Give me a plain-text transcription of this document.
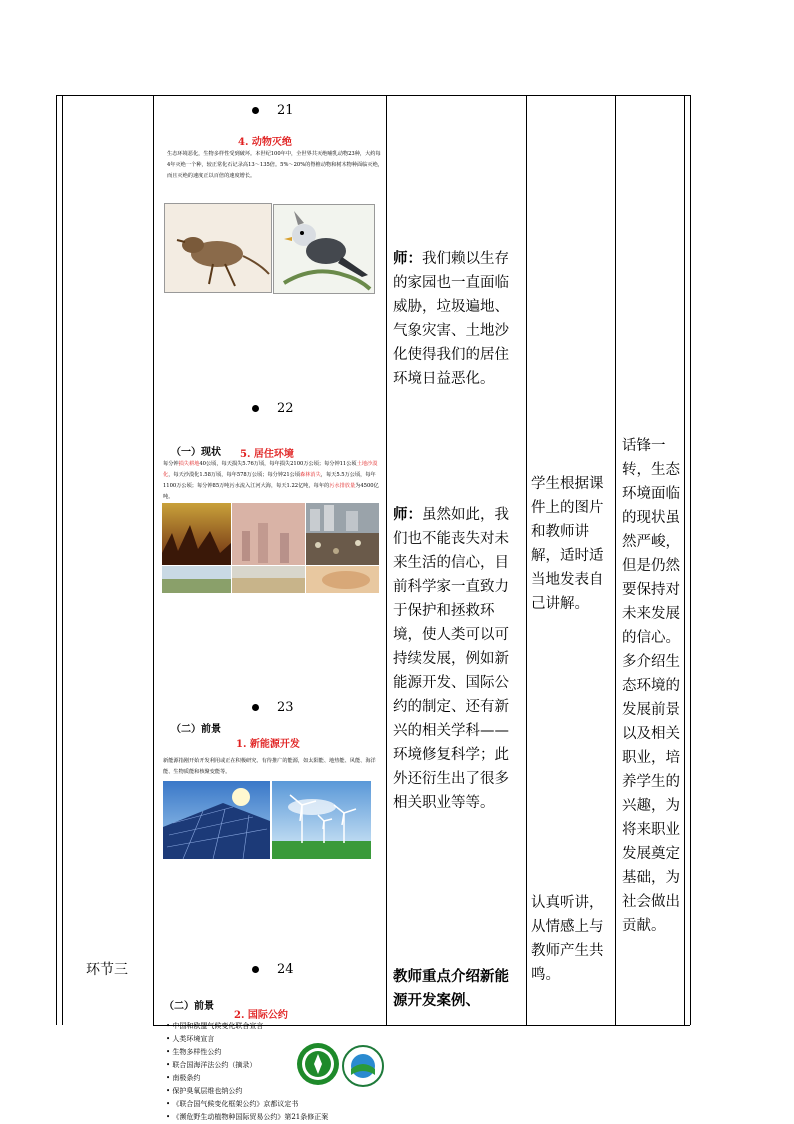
环节三
21
4. 动物灭绝
生态环境恶化，生物多样性受到破坏。本世纪100年中，全世界共灭绝哺乳动物23种，大约每4年灭绝一个种，较正常化石记录高13～135倍。5%～20%的脊椎动物和树木物种面临灭绝，而且灭绝的速度正以百倍的速度增长。
22
（一）现状 5. 居住环境
每分钟损失耕地40公顷，每天损失5.76万顷，每年损失2100万公顷；每分钟11公顷土地沙漠化，每天沙漠化1.58万顷，每年578万公顷；每分钟21公顷森林消失，每天5.5万公顷，每年1100万公顷；每分钟85万吨污水流入江河大海，每天1.22亿吨，每年的污水排放量为4500亿吨。
23
（二）前景
1. 新能源开发
新能源指刚开始开发利用或正在积极研究、有待推广的能源，如太阳能、地热能、风能、海洋能、生物质能和核聚变能等。
24
（二）前景
2. 国际公约
• 中国和欧盟气候变化联合宣言
• 人类环境宣言
• 生物多样性公约
• 联合国海洋法公约（摘录）
• 南极条约
• 保护臭氧层维也纳公约
• 《联合国气候变化框架公约》京都议定书
• 《濒危野生动植物种国际贸易公约》第21条修正案
师：我们赖以生存的家园也一直面临威胁，垃圾遍地、气象灾害、土地沙化使得我们的居住环境日益恶化。
师：虽然如此，我们也不能丧失对未来生活的信心，目前科学家一直致力于保护和拯救环境，使人类可以可持续发展，例如新能源开发、国际公约的制定、还有新兴的相关学科——环境修复科学；此外还衍生出了很多相关职业等等。
教师重点介绍新能源开发案例、
学生根据课件上的图片和教师讲解，适时适当地发表自己讲解。
认真听讲，从情感上与教师产生共鸣。
话锋一转，生态环境面临的现状虽然严峻，但是仍然要保持对未来发展的信心。多介绍生态环境的发展前景以及相关职业，培养学生的兴趣，为将来职业发展奠定基础，为社会做出贡献。
